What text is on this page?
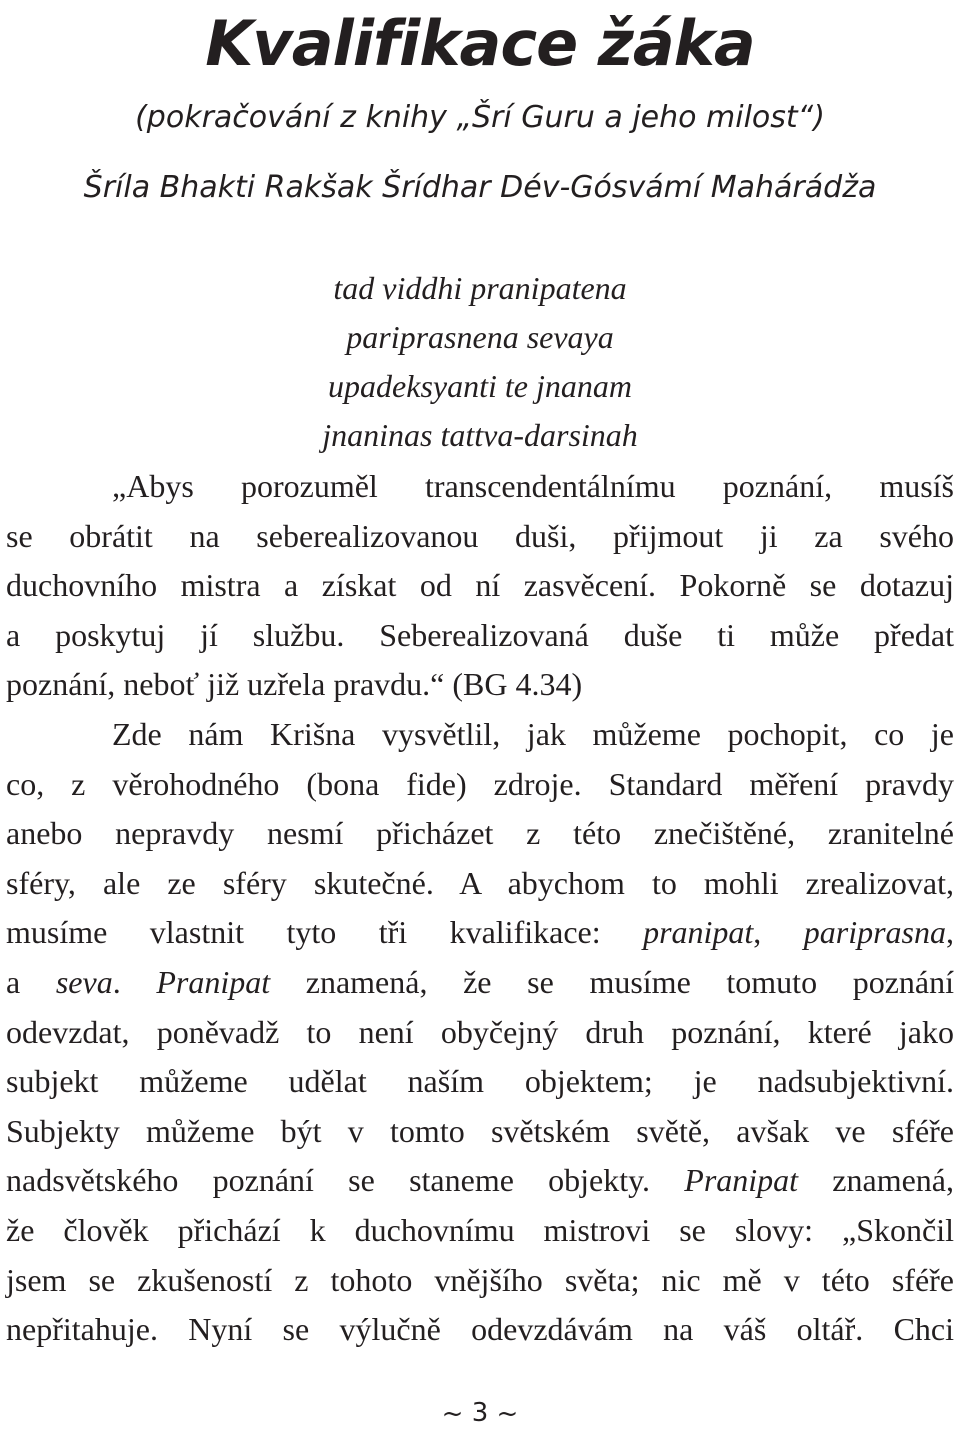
Kvalifikace žáka
(pokračování z knihy „Šrí Guru a jeho milost“)
Šríla Bhakti Rakšak Šrídhar Dév-Gósvámí Mahárádža
tad viddhi pranipatena
pariprasnena sevaya
upadeksyanti te jnanam
jnaninas tattva-darsinah
„Abys porozuměl transcendentálnímu poznání, musíš
se obrátit na seberealizovanou duši, přijmout ji za svého
duchovního mistra a získat od ní zasvěcení. Pokorně se dotazuj
a poskytuj jí službu. Seberealizovaná duše ti může předat
poznání, neboť již uzřela pravdu.“ (BG 4.34)
Zde nám Krišna vysvětlil, jak můžeme pochopit, co je
co, z věrohodného (bona fide) zdroje. Standard měření pravdy
anebo nepravdy nesmí přicházet z této znečištěné, zranitelné
sféry, ale ze sféry skutečné. A abychom to mohli zrealizovat,
musíme vlastnit tyto tři kvalifikace: pranipat, pariprasna,
a seva. Pranipat znamená, že se musíme tomuto poznání
odevzdat, poněvadž to není obyčejný druh poznání, které jako
subjekt můžeme udělat naším objektem; je nadsubjektivní.
Subjekty můžeme být v tomto světském světě, avšak ve sféře
nadsvětského poznání se staneme objekty. Pranipat znamená,
že člověk přichází k duchovnímu mistrovi se slovy: „Skončil
jsem se zkušeností z tohoto vnějšího světa; nic mě v této sféře
nepřitahuje. Nyní se výlučně odevzdávám na váš oltář. Chci
~ 3 ~
